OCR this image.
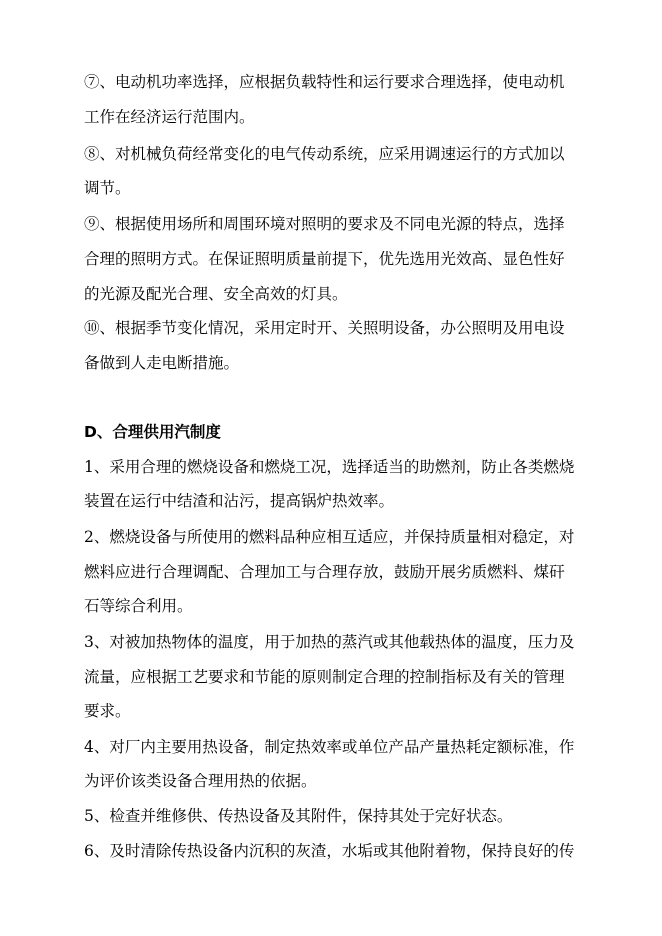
⑦、电动机功率选择，应根据负载特性和运行要求合理选择，使电动机
工作在经济运行范围内。
⑧、对机械负荷经常变化的电气传动系统，应采用调速运行的方式加以
调节。
⑨、根据使用场所和周围环境对照明的要求及不同电光源的特点，选择
合理的照明方式。在保证照明质量前提下，优先选用光效高、显色性好
的光源及配光合理、安全高效的灯具。
⑩、根据季节变化情况，采用定时开、关照明设备，办公照明及用电设
备做到人走电断措施。
D、合理供用汽制度
1、采用合理的燃烧设备和燃烧工况，选择适当的助燃剂，防止各类燃烧
装置在运行中结渣和沾污，提高锅炉热效率。
2、燃烧设备与所使用的燃料品种应相互适应，并保持质量相对稳定，对
燃料应进行合理调配、合理加工与合理存放，鼓励开展劣质燃料、煤矸
石等综合利用。
3、对被加热物体的温度，用于加热的蒸汽或其他载热体的温度，压力及
流量，应根据工艺要求和节能的原则制定合理的控制指标及有关的管理
要求。
4、对厂内主要用热设备，制定热效率或单位产品产量热耗定额标准，作
为评价该类设备合理用热的依据。
5、检查并维修供、传热设备及其附件，保持其处于完好状态。
6、及时清除传热设备内沉积的灰渣，水垢或其他附着物，保持良好的传
